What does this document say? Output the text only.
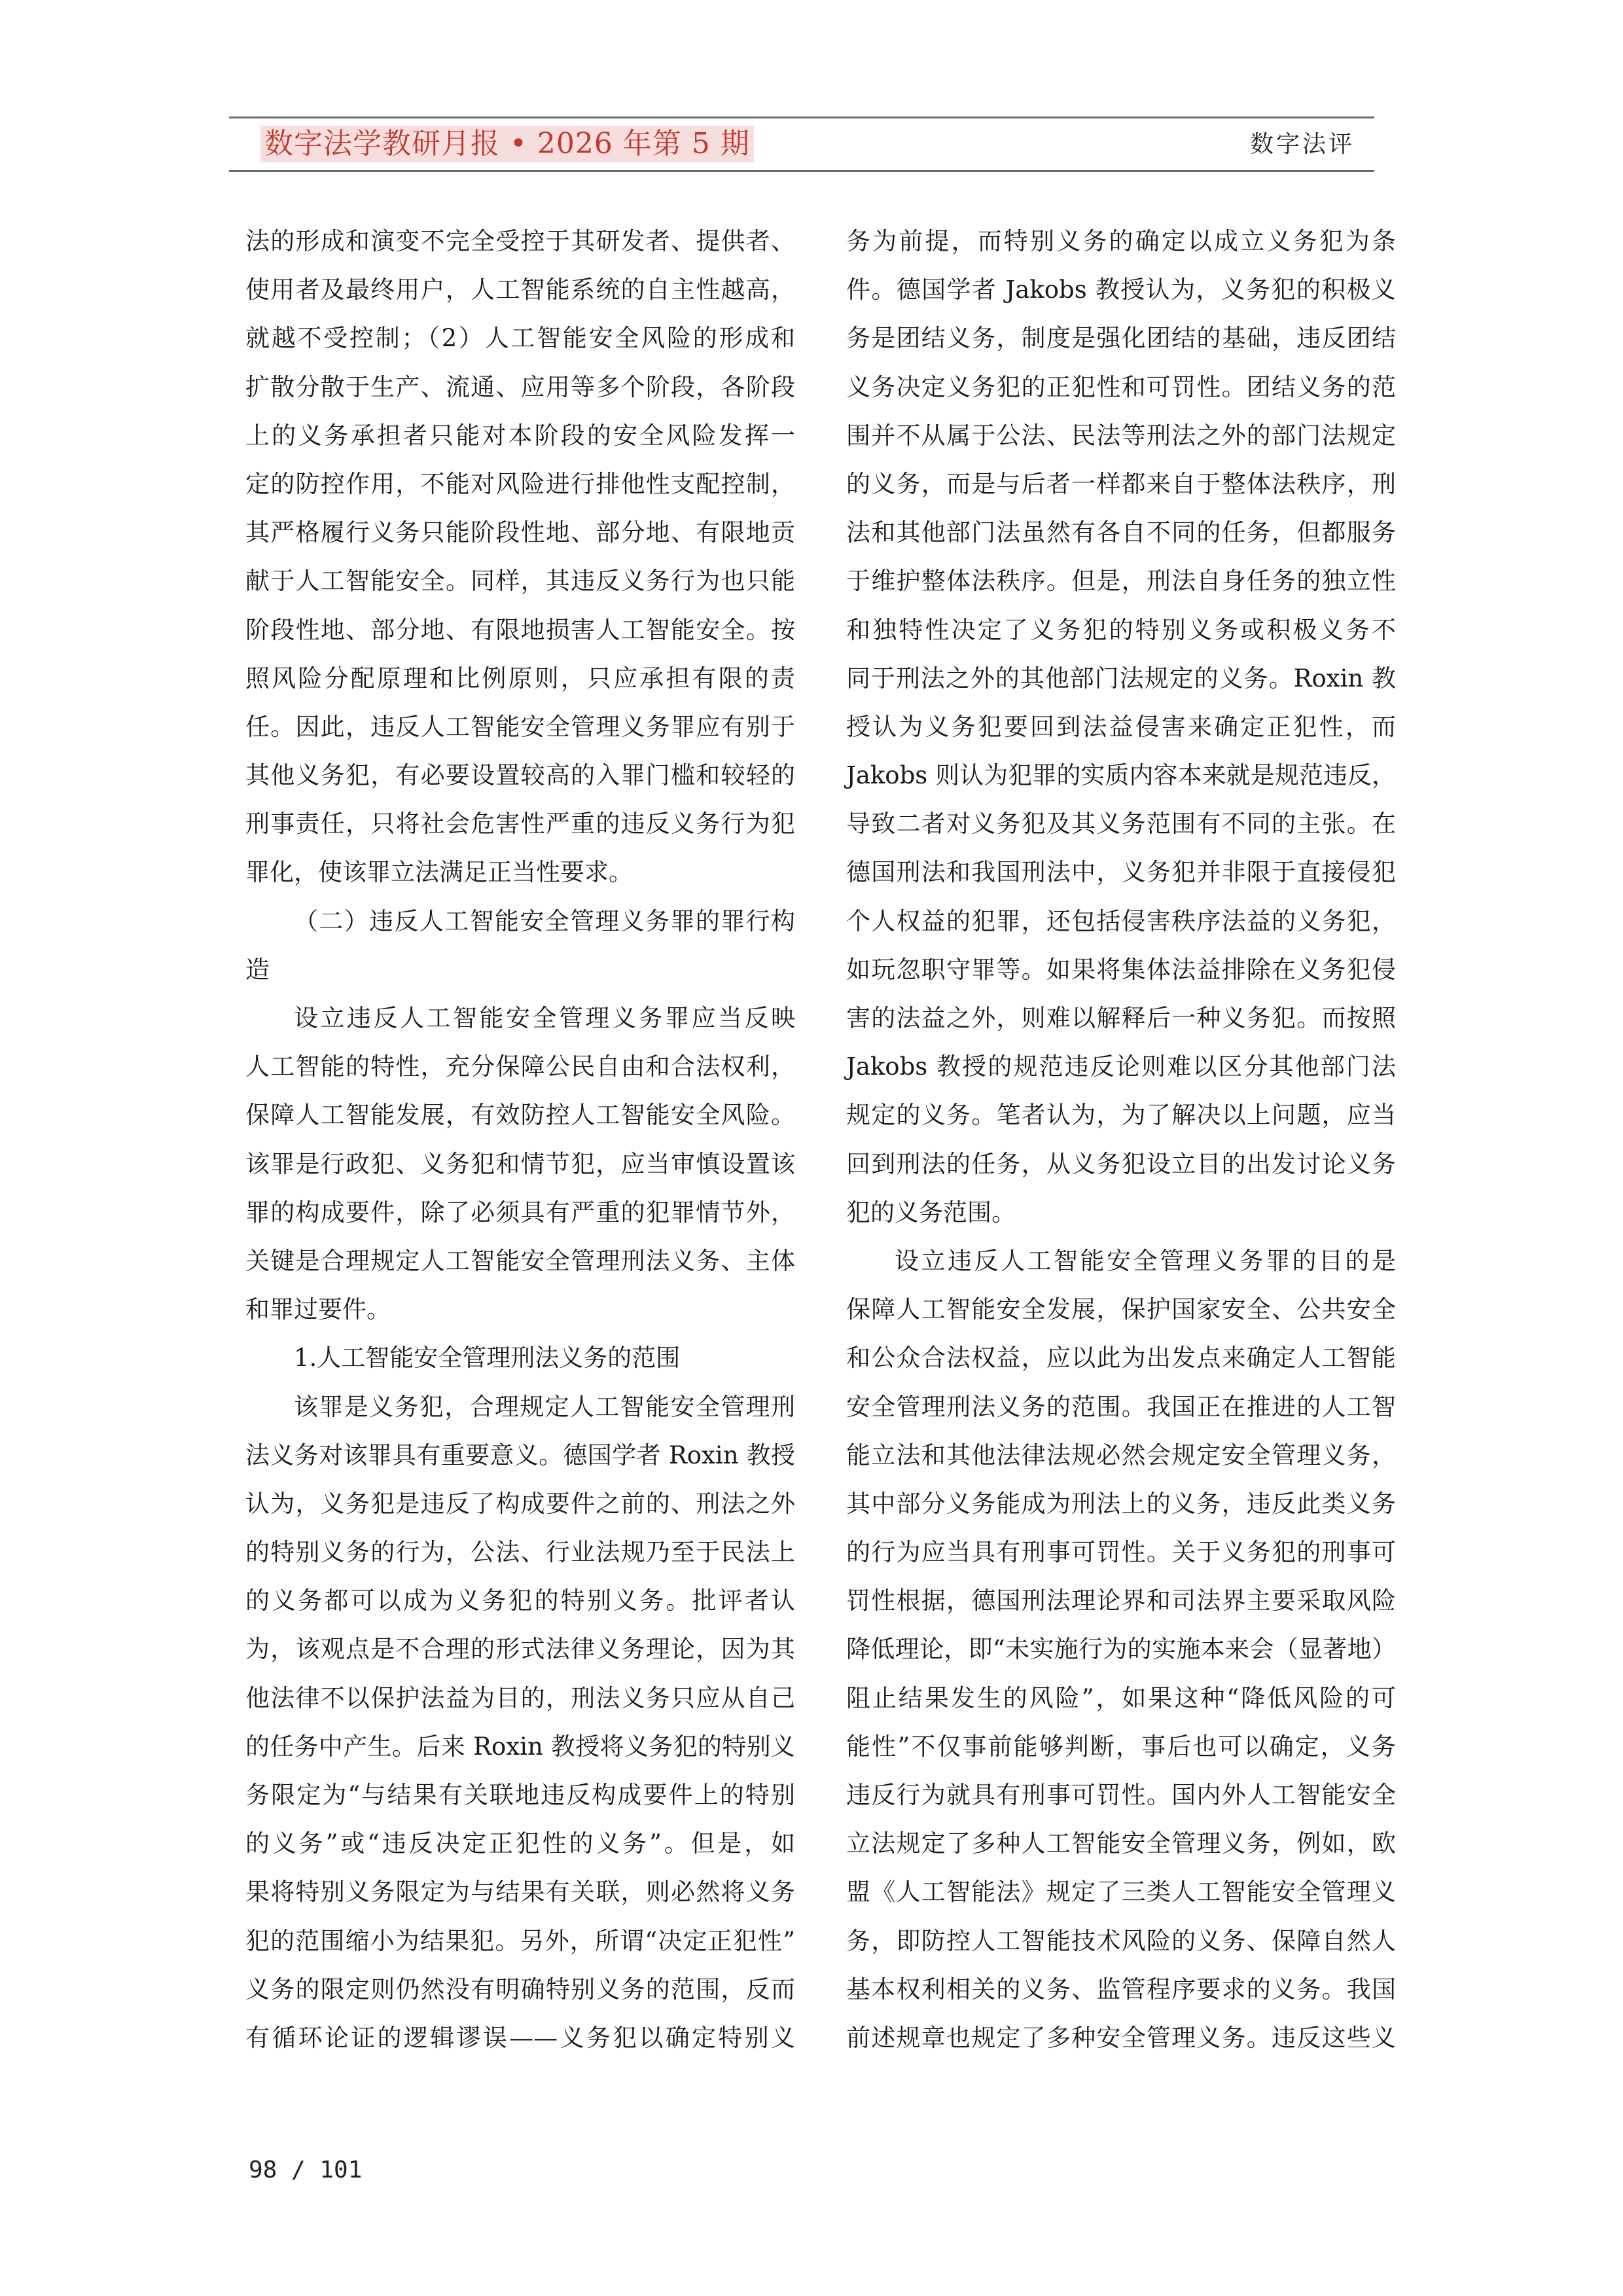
数字法学教研月报 • 2026 年第 5 期	数字法评
法的形成和演变不完全受控于其研发者、提供者、
使用者及最终用户，人工智能系统的自主性越高，
就越不受控制；（2）人工智能安全风险的形成和
扩散分散于生产、流通、应用等多个阶段，各阶段
上的义务承担者只能对本阶段的安全风险发挥一
定的防控作用，不能对风险进行排他性支配控制，
其严格履行义务只能阶段性地、部分地、有限地贡
献于人工智能安全。同样，其违反义务行为也只能
阶段性地、部分地、有限地损害人工智能安全。按
照风险分配原理和比例原则，只应承担有限的责
任。因此，违反人工智能安全管理义务罪应有别于
其他义务犯，有必要设置较高的入罪门槛和较轻的
刑事责任，只将社会危害性严重的违反义务行为犯
罪化，使该罪立法满足正当性要求。
（二）违反人工智能安全管理义务罪的罪行构
造
设立违反人工智能安全管理义务罪应当反映
人工智能的特性，充分保障公民自由和合法权利，
保障人工智能发展，有效防控人工智能安全风险。
该罪是行政犯、义务犯和情节犯，应当审慎设置该
罪的构成要件，除了必须具有严重的犯罪情节外，
关键是合理规定人工智能安全管理刑法义务、主体
和罪过要件。
1.人工智能安全管理刑法义务的范围
该罪是义务犯，合理规定人工智能安全管理刑
法义务对该罪具有重要意义。德国学者 Roxin 教授
认为，义务犯是违反了构成要件之前的、刑法之外
的特别义务的行为，公法、行业法规乃至于民法上
的义务都可以成为义务犯的特别义务。批评者认
为，该观点是不合理的形式法律义务理论，因为其
他法律不以保护法益为目的，刑法义务只应从自己
的任务中产生。后来 Roxin 教授将义务犯的特别义
务限定为“与结果有关联地违反构成要件上的特别
的义务”或“违反决定正犯性的义务”。但是，如
果将特别义务限定为与结果有关联，则必然将义务
犯的范围缩小为结果犯。另外，所谓“决定正犯性”
义务的限定则仍然没有明确特别义务的范围，反而
有循环论证的逻辑谬误——义务犯以确定特别义
务为前提，而特别义务的确定以成立义务犯为条
件。德国学者 Jakobs 教授认为，义务犯的积极义
务是团结义务，制度是强化团结的基础，违反团结
义务决定义务犯的正犯性和可罚性。团结义务的范
围并不从属于公法、民法等刑法之外的部门法规定
的义务，而是与后者一样都来自于整体法秩序，刑
法和其他部门法虽然有各自不同的任务，但都服务
于维护整体法秩序。但是，刑法自身任务的独立性
和独特性决定了义务犯的特别义务或积极义务不
同于刑法之外的其他部门法规定的义务。Roxin 教
授认为义务犯要回到法益侵害来确定正犯性，而
Jakobs 则认为犯罪的实质内容本来就是规范违反，
导致二者对义务犯及其义务范围有不同的主张。在
德国刑法和我国刑法中，义务犯并非限于直接侵犯
个人权益的犯罪，还包括侵害秩序法益的义务犯，
如玩忽职守罪等。如果将集体法益排除在义务犯侵
害的法益之外，则难以解释后一种义务犯。而按照
Jakobs 教授的规范违反论则难以区分其他部门法
规定的义务。笔者认为，为了解决以上问题，应当
回到刑法的任务，从义务犯设立目的出发讨论义务
犯的义务范围。
设立违反人工智能安全管理义务罪的目的是
保障人工智能安全发展，保护国家安全、公共安全
和公众合法权益，应以此为出发点来确定人工智能
安全管理刑法义务的范围。我国正在推进的人工智
能立法和其他法律法规必然会规定安全管理义务，
其中部分义务能成为刑法上的义务，违反此类义务
的行为应当具有刑事可罚性。关于义务犯的刑事可
罚性根据，德国刑法理论界和司法界主要采取风险
降低理论，即“未实施行为的实施本来会（显著地）
阻止结果发生的风险”，如果这种“降低风险的可
能性”不仅事前能够判断，事后也可以确定，义务
违反行为就具有刑事可罚性。国内外人工智能安全
立法规定了多种人工智能安全管理义务，例如，欧
盟《人工智能法》规定了三类人工智能安全管理义
务，即防控人工智能技术风险的义务、保障自然人
基本权利相关的义务、监管程序要求的义务。我国
前述规章也规定了多种安全管理义务。违反这些义
98 / 101
